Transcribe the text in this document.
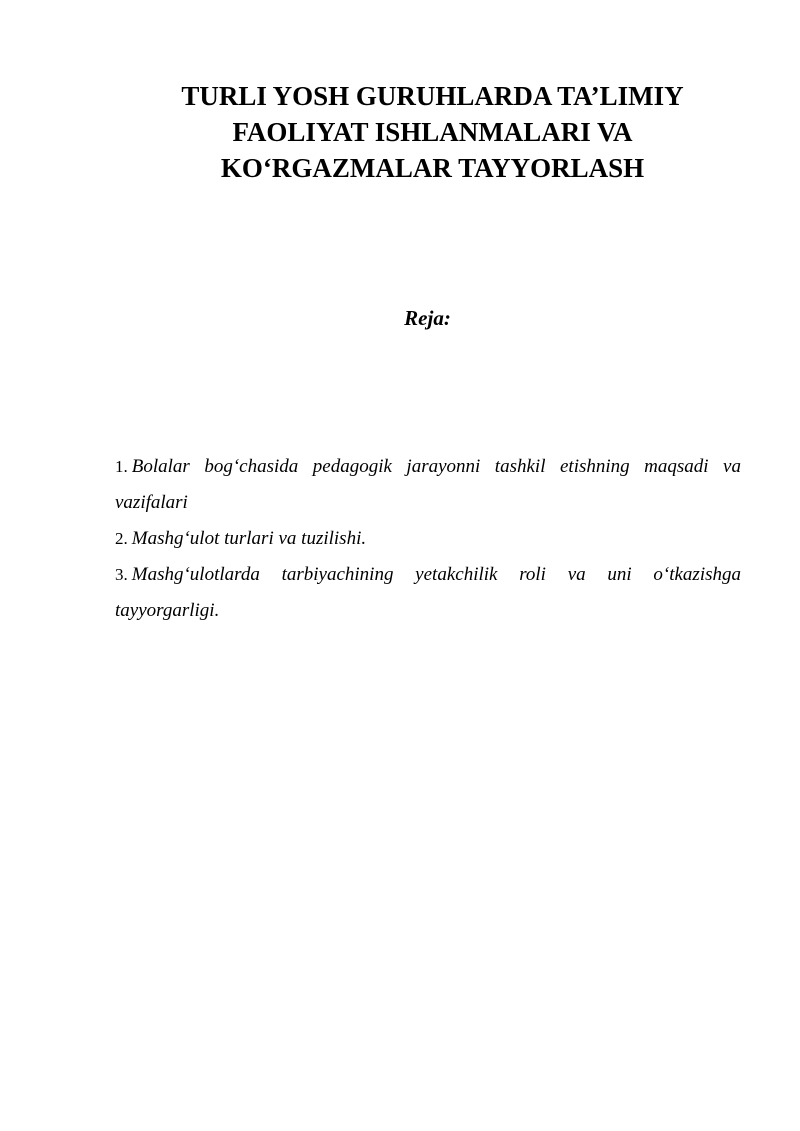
TURLI YOSH GURUHLARDA TA’LIMIY
FAOLIYAT ISHLANMALARI VA
KO‘RGAZMALAR TAYYORLASH
Reja:
1. Bolalar bog‘chasida pedagogik jarayonni tashkil etishning maqsadi va vazifalari
2. Mashg‘ulot turlari va tuzilishi.
3. Mashg‘ulotlarda tarbiyachining yetakchilik roli va uni o‘tkazishga tayyorgarligi.
